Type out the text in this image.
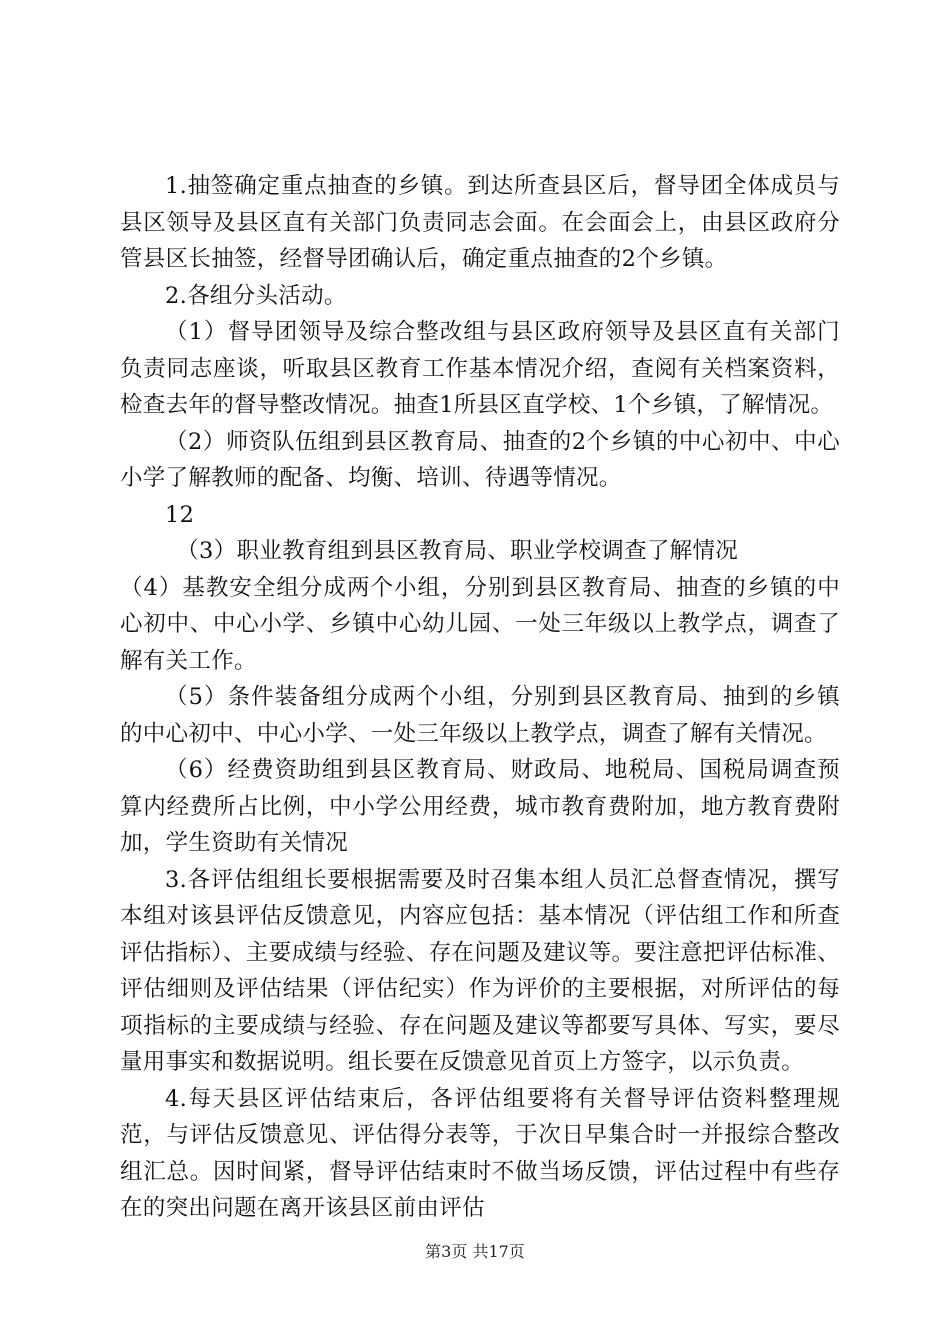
1.抽签确定重点抽查的乡镇。到达所查县区后，督导团全体成员与县区领导及县区直有关部门负责同志会面。在会面会上，由县区政府分管县区长抽签，经督导团确认后，确定重点抽查的2个乡镇。

2.各组分头活动。

（1）督导团领导及综合整改组与县区政府领导及县区直有关部门负责同志座谈，听取县区教育工作基本情况介绍，查阅有关档案资料，检查去年的督导整改情况。抽查1所县区直学校、1个乡镇，了解情况。

（2）师资队伍组到县区教育局、抽查的2个乡镇的中心初中、中心小学了解教师的配备、均衡、培训、待遇等情况。

12

（3）职业教育组到县区教育局、职业学校调查了解情况

（4）基教安全组分成两个小组，分别到县区教育局、抽查的乡镇的中心初中、中心小学、乡镇中心幼儿园、一处三年级以上教学点，调查了解有关工作。

（5）条件装备组分成两个小组，分别到县区教育局、抽到的乡镇的中心初中、中心小学、一处三年级以上教学点，调查了解有关情况。

（6）经费资助组到县区教育局、财政局、地税局、国税局调查预算内经费所占比例，中小学公用经费，城市教育费附加，地方教育费附加，学生资助有关情况

3.各评估组组长要根据需要及时召集本组人员汇总督查情况，撰写本组对该县评估反馈意见，内容应包括：基本情况（评估组工作和所查评估指标）、主要成绩与经验、存在问题及建议等。要注意把评估标准、评估细则及评估结果（评估纪实）作为评价的主要根据，对所评估的每项指标的主要成绩与经验、存在问题及建议等都要写具体、写实，要尽量用事实和数据说明。组长要在反馈意见首页上方签字，以示负责。

4.每天县区评估结束后，各评估组要将有关督导评估资料整理规范，与评估反馈意见、评估得分表等，于次日早集合时一并报综合整改组汇总。因时间紧，督导评估结束时不做当场反馈，评估过程中有些存在的突出问题在离开该县区前由评估

第3页 共17页
